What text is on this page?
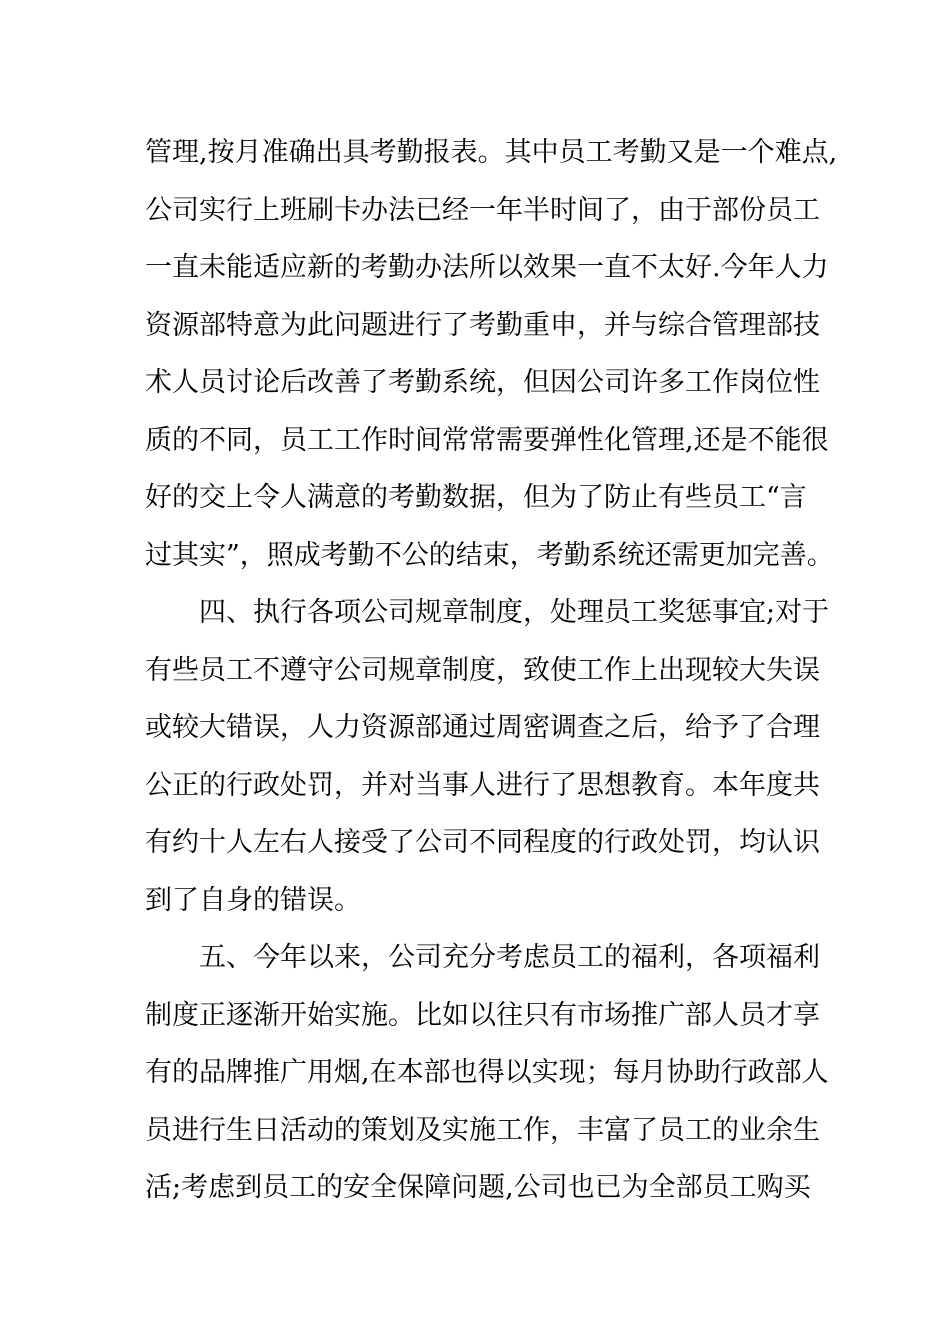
管理,按月准确出具考勤报表。其中员工考勤又是一个难点,
公司实行上班刷卡办法已经一年半时间了，由于部份员工
一直未能适应新的考勤办法所以效果一直不太好.今年人力
资源部特意为此问题进行了考勤重申，并与综合管理部技
术人员讨论后改善了考勤系统，但因公司许多工作岗位性
质的不同，员工工作时间常常需要弹性化管理,还是不能很
好的交上令人满意的考勤数据，但为了防止有些员工“言
过其实”，照成考勤不公的结束，考勤系统还需更加完善。
四、执行各项公司规章制度，处理员工奖惩事宜;对于
有些员工不遵守公司规章制度，致使工作上出现较大失误
或较大错误，人力资源部通过周密调查之后，给予了合理
公正的行政处罚，并对当事人进行了思想教育。本年度共
有约十人左右人接受了公司不同程度的行政处罚，均认识
到了自身的错误。
五、今年以来，公司充分考虑员工的福利，各项福利
制度正逐渐开始实施。比如以往只有市场推广部人员才享
有的品牌推广用烟,在本部也得以实现；每月协助行政部人
员进行生日活动的策划及实施工作，丰富了员工的业余生
活;考虑到员工的安全保障问题,公司也已为全部员工购买
